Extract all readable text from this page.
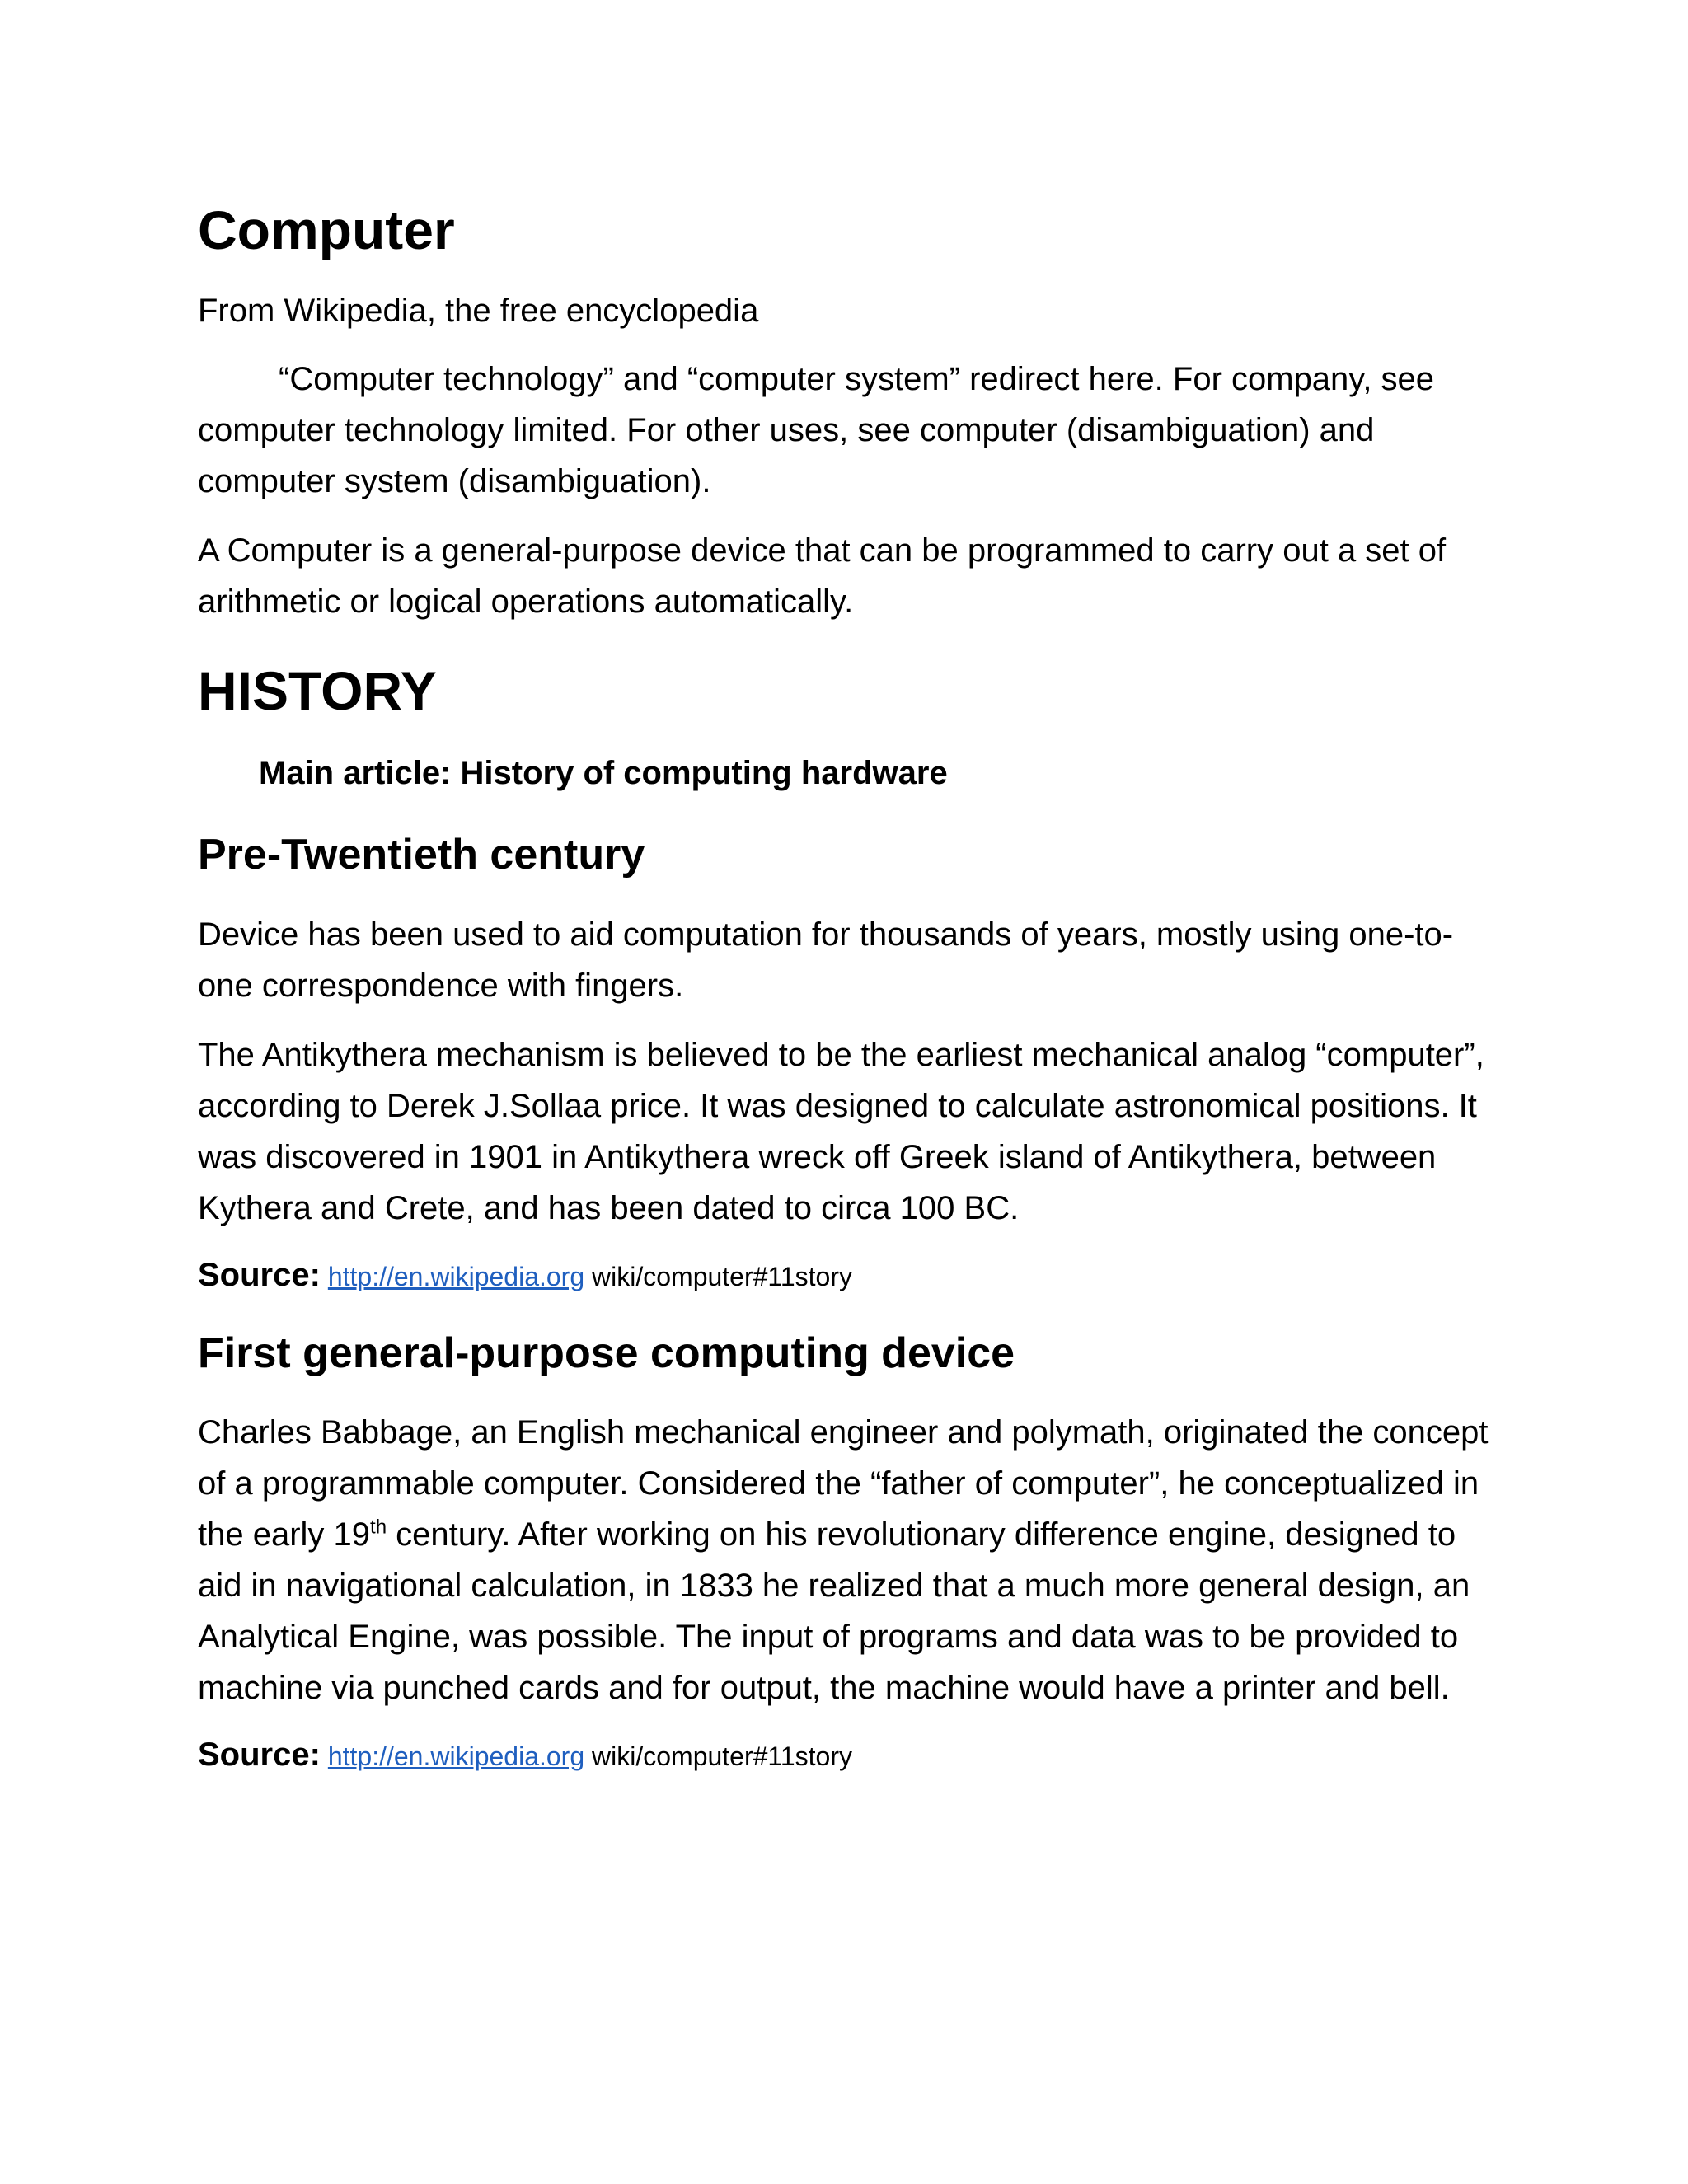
Computer
From Wikipedia, the free encyclopedia
“Computer technology” and “computer system” redirect here. For company, see computer technology limited. For other uses, see computer (disambiguation) and computer system (disambiguation).
A Computer is a general-purpose device that can be programmed to carry out a set of arithmetic or logical operations automatically.
HISTORY
Main article: History of computing hardware
Pre-Twentieth century
Device has been used to aid computation for thousands of years, mostly using one-to-one correspondence with fingers.
The Antikythera mechanism is believed to be the earliest mechanical analog “computer”, according to Derek J.Sollaa price. It was designed to calculate astronomical positions. It was discovered in 1901 in Antikythera wreck off Greek island of Antikythera, between Kythera and Crete, and has been dated to circa 100 BC.
Source: http://en.wikipedia.org wiki/computer#11story
First general-purpose computing device
Charles Babbage, an English mechanical engineer and polymath, originated the concept of a programmable computer. Considered the “father of computer”, he conceptualized in the early 19th century. After working on his revolutionary difference engine, designed to aid in navigational calculation, in 1833 he realized that a much more general design, an Analytical Engine, was possible. The input of programs and data was to be provided to machine via punched cards and for output, the machine would have a printer and bell.
Source: http://en.wikipedia.org wiki/computer#11story
